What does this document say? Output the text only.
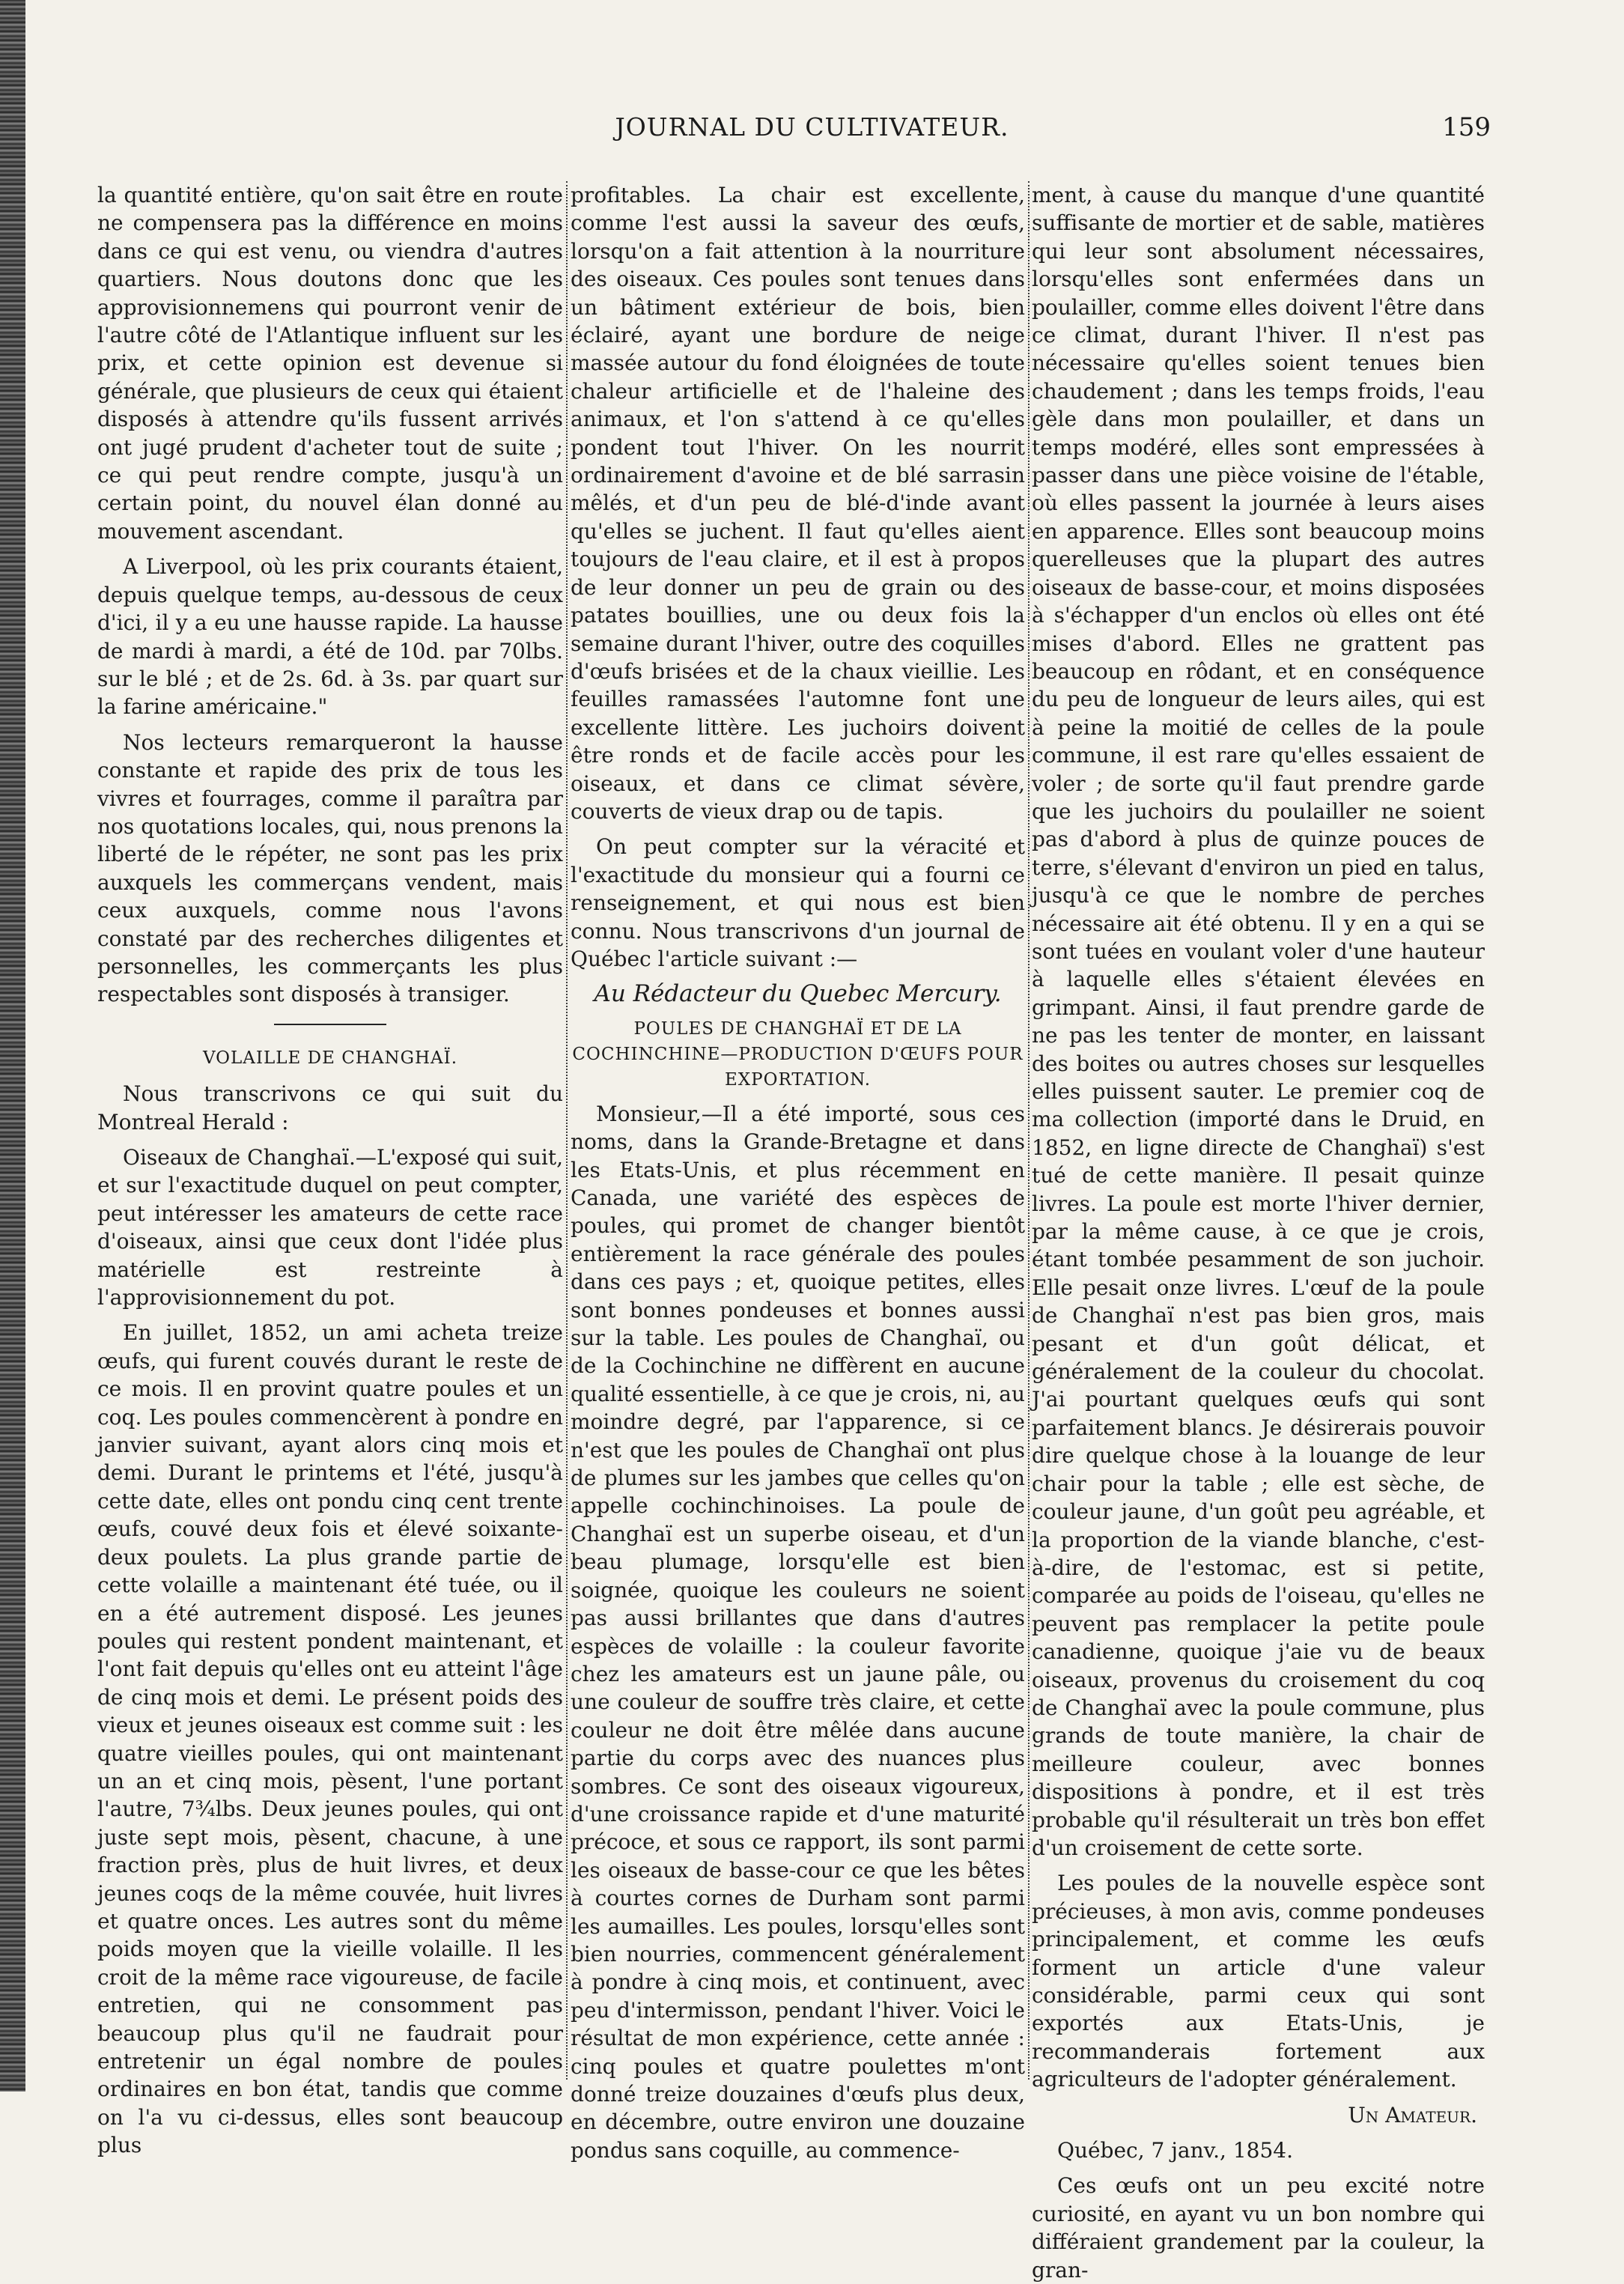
JOURNAL DU CULTIVATEUR.	159

la quantité entière, qu'on sait être en route ne compensera pas la différence en moins dans ce qui est venu, ou viendra d'autres quartiers. Nous doutons donc que les approvisionnemens qui pourront venir de l'autre côté de l'Atlantique influent sur les prix, et cette opinion est devenue si générale, que plusieurs de ceux qui étaient disposés à attendre qu'ils fussent arrivés ont jugé prudent d'acheter tout de suite ; ce qui peut rendre compte, jusqu'à un certain point, du nouvel élan donné au mouvement ascendant.

A Liverpool, où les prix courants étaient, depuis quelque temps, au-dessous de ceux d'ici, il y a eu une hausse rapide. La hausse de mardi à mardi, a été de 10d. par 70lbs. sur le blé ; et de 2s. 6d. à 3s. par quart sur la farine américaine."

Nos lecteurs remarqueront la hausse constante et rapide des prix de tous les vivres et fourrages, comme il paraîtra par nos quotations locales, qui, nous prenons la liberté de le répéter, ne sont pas les prix auxquels les commerçans vendent, mais ceux auxquels, comme nous l'avons constaté par des recherches diligentes et personnelles, les commerçants les plus respectables sont disposés à transiger.

VOLAILLE DE CHANGHAÏ.

Nous transcrivons ce qui suit du Montreal Herald :

Oiseaux de Changhaï.—L'exposé qui suit, et sur l'exactitude duquel on peut compter, peut intéresser les amateurs de cette race d'oiseaux, ainsi que ceux dont l'idée plus matérielle est restreinte à l'approvisionnement du pot.

En juillet, 1852, un ami acheta treize œufs, qui furent couvés durant le reste de ce mois. Il en provint quatre poules et un coq. Les poules commencèrent à pondre en janvier suivant, ayant alors cinq mois et demi. Durant le printems et l'été, jusqu'à cette date, elles ont pondu cinq cent trente œufs, couvé deux fois et élevé soixante-deux poulets. La plus grande partie de cette volaille a maintenant été tuée, ou il en a été autrement disposé. Les jeunes poules qui restent pondent maintenant, et l'ont fait depuis qu'elles ont eu atteint l'âge de cinq mois et demi. Le présent poids des vieux et jeunes oiseaux est comme suit : les quatre vieilles poules, qui ont maintenant un an et cinq mois, pèsent, l'une portant l'autre, 7¾lbs. Deux jeunes poules, qui ont juste sept mois, pèsent, chacune, à une fraction près, plus de huit livres, et deux jeunes coqs de la même couvée, huit livres et quatre onces. Les autres sont du même poids moyen que la vieille volaille. Il les croit de la même race vigoureuse, de facile entretien, qui ne consomment pas beaucoup plus qu'il ne faudrait pour entretenir un égal nombre de poules ordinaires en bon état, tandis que comme on l'a vu ci-dessus, elles sont beaucoup plus

profitables. La chair est excellente, comme l'est aussi la saveur des œufs, lorsqu'on a fait attention à la nourriture des oiseaux. Ces poules sont tenues dans un bâtiment extérieur de bois, bien éclairé, ayant une bordure de neige massée autour du fond éloignées de toute chaleur artificielle et de l'haleine des animaux, et l'on s'attend à ce qu'elles pondent tout l'hiver. On les nourrit ordinairement d'avoine et de blé sarrasin mêlés, et d'un peu de blé-d'inde avant qu'elles se juchent. Il faut qu'elles aient toujours de l'eau claire, et il est à propos de leur donner un peu de grain ou des patates bouillies, une ou deux fois la semaine durant l'hiver, outre des coquilles d'œufs brisées et de la chaux vieillie. Les feuilles ramassées l'automne font une excellente littère. Les juchoirs doivent être ronds et de facile accès pour les oiseaux, et dans ce climat sévère, couverts de vieux drap ou de tapis.

On peut compter sur la véracité et l'exactitude du monsieur qui a fourni ce renseignement, et qui nous est bien connu. Nous transcrivons d'un journal de Québec l'article suivant :—

Au Rédacteur du Quebec Mercury.

POULES DE CHANGHAÏ ET DE LA COCHINCHINE—PRODUCTION D'ŒUFS POUR EXPORTATION.

Monsieur,—Il a été importé, sous ces noms, dans la Grande-Bretagne et dans les Etats-Unis, et plus récemment en Canada, une variété des espèces de poules, qui promet de changer bientôt entièrement la race générale des poules dans ces pays ; et, quoique petites, elles sont bonnes pondeuses et bonnes aussi sur la table. Les poules de Changhaï, ou de la Cochinchine ne diffèrent en aucune qualité essentielle, à ce que je crois, ni, au moindre degré, par l'apparence, si ce n'est que les poules de Changhaï ont plus de plumes sur les jambes que celles qu'on appelle cochinchinoises. La poule de Changhaï est un superbe oiseau, et d'un beau plumage, lorsqu'elle est bien soignée, quoique les couleurs ne soient pas aussi brillantes que dans d'autres espèces de volaille : la couleur favorite chez les amateurs est un jaune pâle, ou une couleur de souffre très claire, et cette couleur ne doit être mêlée dans aucune partie du corps avec des nuances plus sombres. Ce sont des oiseaux vigoureux, d'une croissance rapide et d'une maturité précoce, et sous ce rapport, ils sont parmi les oiseaux de basse-cour ce que les bêtes à courtes cornes de Durham sont parmi les aumailles. Les poules, lorsqu'elles sont bien nourries, commencent généralement à pondre à cinq mois, et continuent, avec peu d'intermisson, pendant l'hiver. Voici le résultat de mon expérience, cette année : cinq poules et quatre poulettes m'ont donné treize douzaines d'œufs plus deux, en décembre, outre environ une douzaine pondus sans coquille, au commence-

ment, à cause du manque d'une quantité suffisante de mortier et de sable, matières qui leur sont absolument nécessaires, lorsqu'elles sont enfermées dans un poulailler, comme elles doivent l'être dans ce climat, durant l'hiver. Il n'est pas nécessaire qu'elles soient tenues bien chaudement ; dans les temps froids, l'eau gèle dans mon poulailler, et dans un temps modéré, elles sont empressées à passer dans une pièce voisine de l'étable, où elles passent la journée à leurs aises en apparence. Elles sont beaucoup moins querelleuses que la plupart des autres oiseaux de basse-cour, et moins disposées à s'échapper d'un enclos où elles ont été mises d'abord. Elles ne grattent pas beaucoup en rôdant, et en conséquence du peu de longueur de leurs ailes, qui est à peine la moitié de celles de la poule commune, il est rare qu'elles essaient de voler ; de sorte qu'il faut prendre garde que les juchoirs du poulailler ne soient pas d'abord à plus de quinze pouces de terre, s'élevant d'environ un pied en talus, jusqu'à ce que le nombre de perches nécessaire ait été obtenu. Il y en a qui se sont tuées en voulant voler d'une hauteur à laquelle elles s'étaient élevées en grimpant. Ainsi, il faut prendre garde de ne pas les tenter de monter, en laissant des boites ou autres choses sur lesquelles elles puissent sauter. Le premier coq de ma collection (importé dans le Druid, en 1852, en ligne directe de Changhaï) s'est tué de cette manière. Il pesait quinze livres. La poule est morte l'hiver dernier, par la même cause, à ce que je crois, étant tombée pesamment de son juchoir. Elle pesait onze livres. L'œuf de la poule de Changhaï n'est pas bien gros, mais pesant et d'un goût délicat, et généralement de la couleur du chocolat. J'ai pourtant quelques œufs qui sont parfaitement blancs. Je désirerais pouvoir dire quelque chose à la louange de leur chair pour la table ; elle est sèche, de couleur jaune, d'un goût peu agréable, et la proportion de la viande blanche, c'est-à-dire, de l'estomac, est si petite, comparée au poids de l'oiseau, qu'elles ne peuvent pas remplacer la petite poule canadienne, quoique j'aie vu de beaux oiseaux, provenus du croisement du coq de Changhaï avec la poule commune, plus grands de toute manière, la chair de meilleure couleur, avec bonnes dispositions à pondre, et il est très probable qu'il résulterait un très bon effet d'un croisement de cette sorte.

Les poules de la nouvelle espèce sont précieuses, à mon avis, comme pondeuses principalement, et comme les œufs forment un article d'une valeur considérable, parmi ceux qui sont exportés aux Etats-Unis, je recommanderais fortement aux agriculteurs de l'adopter généralement.

Un Amateur.

Québec, 7 janv., 1854.

Ces œufs ont un peu excité notre curiosité, en ayant vu un bon nombre qui différaient grandement par la couleur, la gran-
